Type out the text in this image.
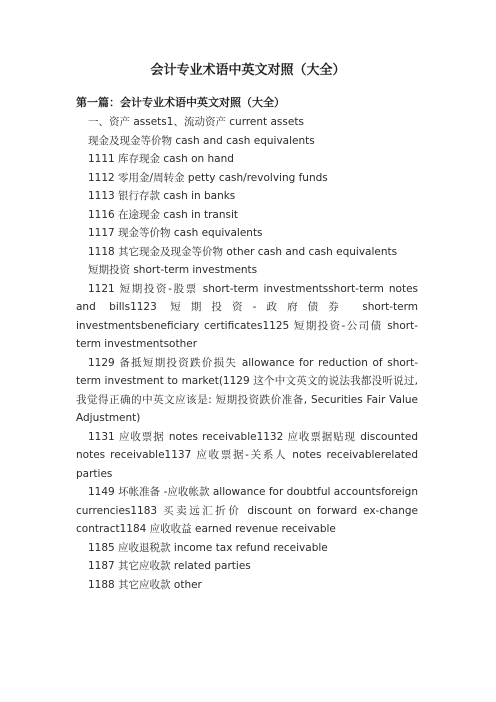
会计专业术语中英文对照（大全）
第一篇：会计专业术语中英文对照（大全）
一、资产 assets1、流动资产 current assets
现金及现金等价物 cash and cash equivalents
1111 库存现金 cash on hand
1112 零用金/周转金 petty cash/revolving funds
1113 银行存款 cash in banks
1116 在途现金 cash in transit
1117 现金等价物 cash equivalents
1118 其它现金及现金等价物 other cash and cash equivalents
短期投资 short-term investments
1121 短期投资-股票 short-term investmentsshort-term notes and bills1123 短期投资-政府债券 short-term investmentsbeneficiary certificates1125 短期投资-公司债 short-term investmentsother
1129 备抵短期投资跌价损失 allowance for reduction of short-term investment to market(1129 这个中文英文的说法我都没听说过, 我觉得正确的中英文应该是: 短期投资跌价准备, Securities Fair Value Adjustment)
1131 应收票据 notes receivable1132 应收票据贴现 discounted notes receivable1137 应收票据-关系人 notes receivablerelated parties
1149 坏帐准备 -应收帐款 allowance for doubtful accountsforeign currencies1183 买卖远汇折价 discount on forward ex-change contract1184 应收收益 earned revenue receivable
1185 应收退税款 income tax refund receivable
1187 其它应收款 related parties
1188 其它应收款 other
